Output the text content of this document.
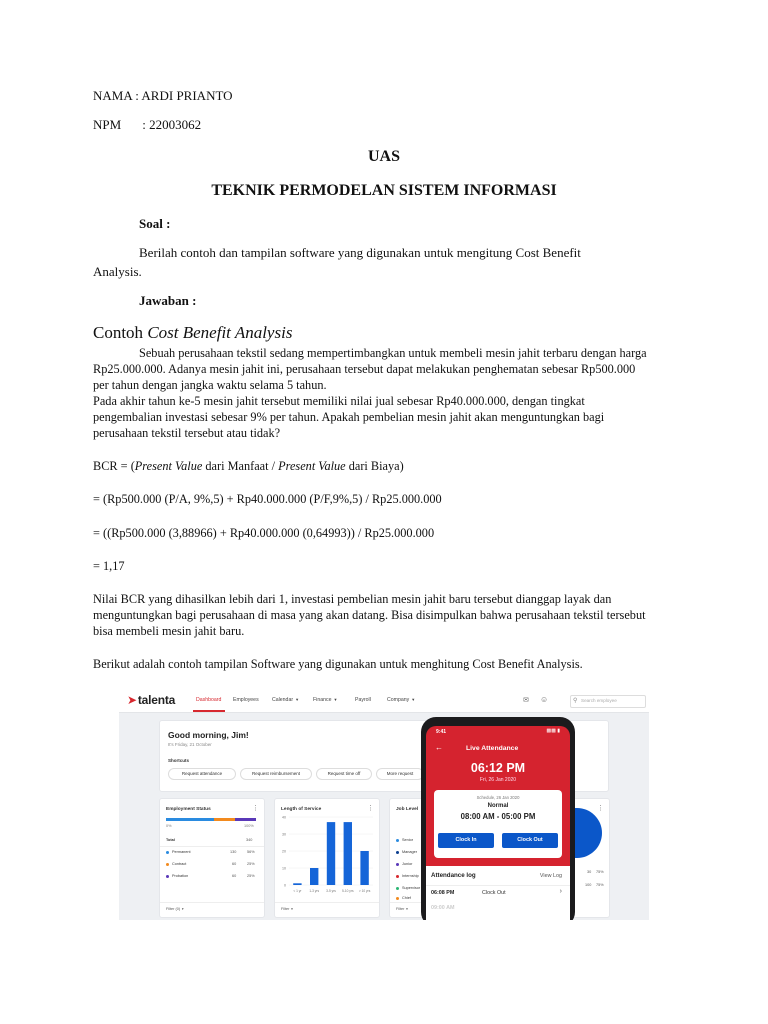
NAMA : ARDI PRIANTO
NPM : 22003062
UAS
TEKNIK PERMODELAN SISTEM INFORMASI
Soal :
Berilah contoh dan tampilan software yang digunakan untuk mengitung Cost Benefit
Analysis.
Jawaban :
Contoh Cost Benefit Analysis
Sebuah perusahaan tekstil sedang mempertimbangkan untuk membeli mesin jahit terbaru dengan harga
Rp25.000.000. Adanya mesin jahit ini, perusahaan tersebut dapat melakukan penghematan sebesar Rp500.000
per tahun dengan jangka waktu selama 5 tahun.
Pada akhir tahun ke-5 mesin jahit tersebut memiliki nilai jual sebesar Rp40.000.000, dengan tingkat
pengembalian investasi sebesar 9% per tahun. Apakah pembelian mesin jahit akan menguntungkan bagi
perusahaan tekstil tersebut atau tidak?
BCR = (Present Value dari Manfaat / Present Value dari Biaya)
= (Rp500.000 (P/A, 9%,5) + Rp40.000.000 (P/F,9%,5) / Rp25.000.000
= ((Rp500.000 (3,88966) + Rp40.000.000 (0,64993)) / Rp25.000.000
= 1,17
Nilai BCR yang dihasilkan lebih dari 1, investasi pembelian mesin jahit baru tersebut dianggap layak dan
menguntungkan bagi perusahaan di masa yang akan datang. Bisa disimpulkan bahwa perusahaan tekstil tersebut
bisa membeli mesin jahit baru.
Berikut adalah contoh tampilan Software yang digunakan untuk menghitung Cost Benefit Analysis.
➤talenta	Dashboard Employees	Calendar ▼	Finance ▼	Payroll	Company ▼	✉ ☺	⚲ Search employee
Good morning, Jim!
It's Friday, 21 October
Shortcuts
Request attendance	Request reimbursement	Request time off	More request
Employment Status	⋮
0%	100%
Total	340
Permanent	130	56%
Contract	60	25%
Probation	60	25%
Filter (0) ▼
Length of Service	⋮
40
30
20
10
0
< 1 yr 1-3 yrs 3-5 yrs 5-10 yrs > 10 yrs
Filter ▼
Job Level
Senior
Manager
Junior
Internship
Supervisor
Chief
Filter ▼
⋮
30 75%
100 75%
9:41	▩▩ ▮
←	Live Attendance
06:12 PM
Fri, 26 Jan 2020
Schedule, 26 Jan 2020
Normal
08:00 AM - 05:00 PM
Clock In	Clock Out
Attendance log	View Log
06:08 PM	Clock Out	›
09:00 AM
